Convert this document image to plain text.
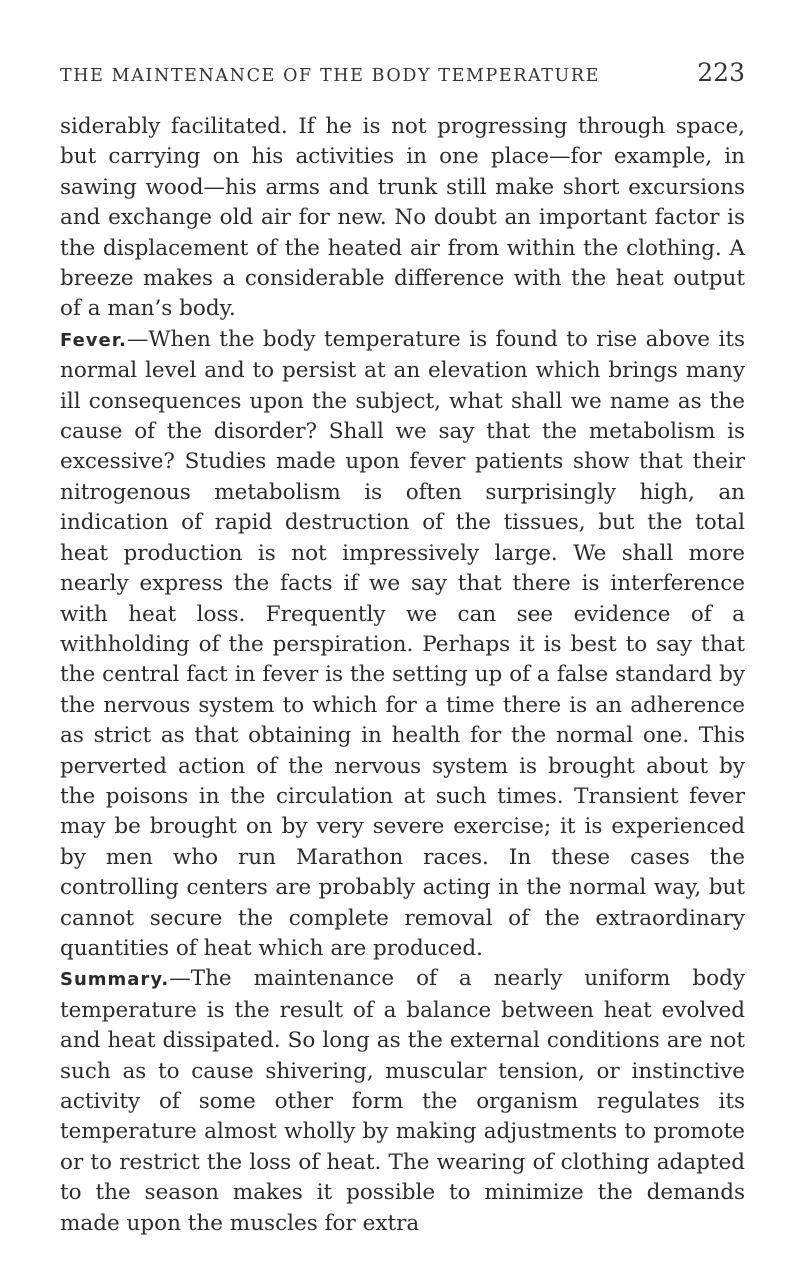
THE MAINTENANCE OF THE BODY TEMPERATURE	223

siderably facilitated. If he is not progressing through space, but carrying on his activities in one place—for example, in sawing wood—his arms and trunk still make short excursions and exchange old air for new. No doubt an important factor is the displacement of the heated air from within the clothing. A breeze makes a considerable difference with the heat output of a man’s body.

Fever.—When the body temperature is found to rise above its normal level and to persist at an elevation which brings many ill consequences upon the subject, what shall we name as the cause of the disorder? Shall we say that the metabolism is excessive? Studies made upon fever patients show that their nitrogenous metabolism is often surprisingly high, an indication of rapid destruction of the tissues, but the total heat production is not impressively large. We shall more nearly express the facts if we say that there is interference with heat loss. Frequently we can see evidence of a withholding of the perspiration. Perhaps it is best to say that the central fact in fever is the setting up of a false standard by the nervous system to which for a time there is an adherence as strict as that obtaining in health for the normal one. This perverted action of the nervous system is brought about by the poisons in the circulation at such times. Transient fever may be brought on by very severe exercise; it is experienced by men who run Marathon races. In these cases the controlling centers are probably acting in the normal way, but cannot secure the complete removal of the extraordinary quantities of heat which are produced.

Summary.—The maintenance of a nearly uniform body temperature is the result of a balance between heat evolved and heat dissipated. So long as the external conditions are not such as to cause shivering, muscular tension, or instinctive activity of some other form the organism regulates its temperature almost wholly by making adjustments to promote or to restrict the loss of heat. The wearing of clothing adapted to the season makes it possible to minimize the demands made upon the muscles for extra
